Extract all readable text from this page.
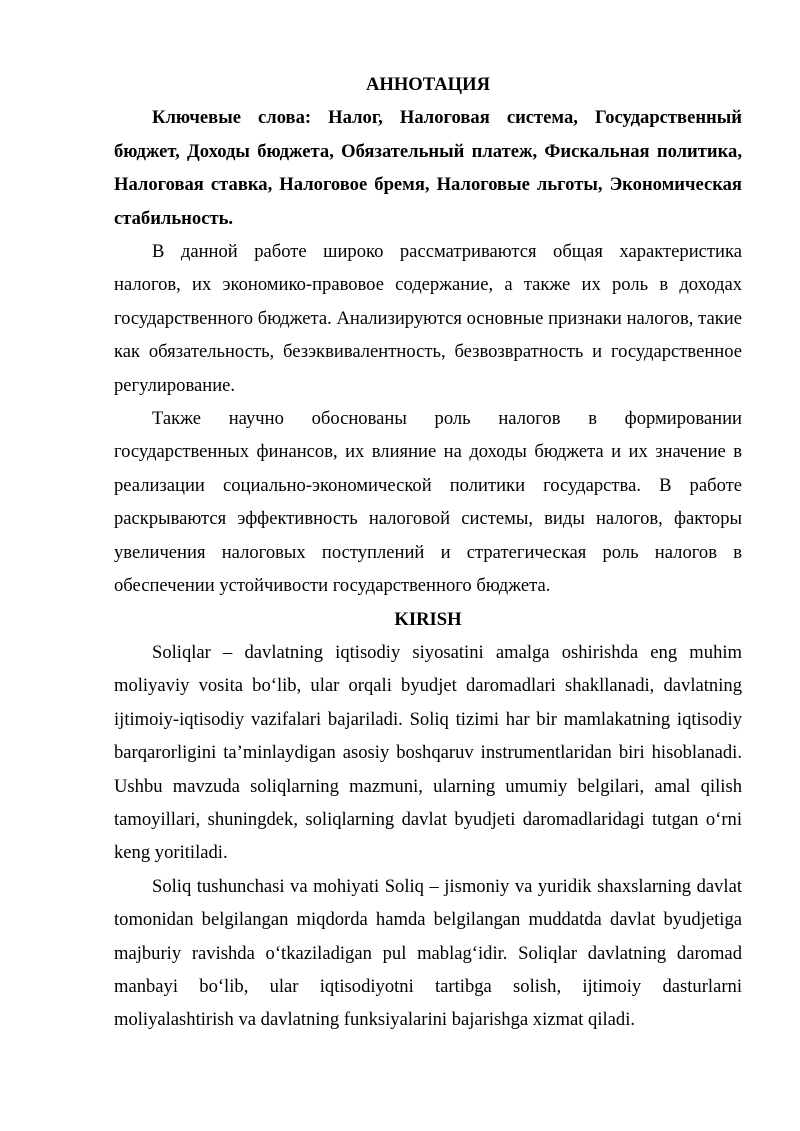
АННОТАЦИЯ

Ключевые слова: Налог, Налоговая система, Государственный бюджет, Доходы бюджета, Обязательный платеж, Фискальная политика, Налоговая ставка, Налоговое бремя, Налоговые льготы, Экономическая стабильность.

В данной работе широко рассматриваются общая характеристика налогов, их экономико-правовое содержание, а также их роль в доходах государственного бюджета. Анализируются основные признаки налогов, такие как обязательность, безэквивалентность, безвозвратность и государственное регулирование.

Также научно обоснованы роль налогов в формировании государственных финансов, их влияние на доходы бюджета и их значение в реализации социально-экономической политики государства. В работе раскрываются эффективность налоговой системы, виды налогов, факторы увеличения налоговых поступлений и стратегическая роль налогов в обеспечении устойчивости государственного бюджета.

KIRISH

Soliqlar – davlatning iqtisodiy siyosatini amalga oshirishda eng muhim moliyaviy vosita bo‘lib, ular orqali byudjet daromadlari shakllanadi, davlatning ijtimoiy-iqtisodiy vazifalari bajariladi. Soliq tizimi har bir mamlakatning iqtisodiy barqarorligini ta’minlaydigan asosiy boshqaruv instrumentlaridan biri hisoblanadi. Ushbu mavzuda soliqlarning mazmuni, ularning umumiy belgilari, amal qilish tamoyillari, shuningdek, soliqlarning davlat byudjeti daromadlaridagi tutgan o‘rni keng yoritiladi.

Soliq tushunchasi va mohiyati Soliq – jismoniy va yuridik shaxslarning davlat tomonidan belgilangan miqdorda hamda belgilangan muddatda davlat byudjetiga majburiy ravishda o‘tkaziladigan pul mablag‘idir. Soliqlar davlatning daromad manbayi bo‘lib, ular iqtisodiyotni tartibga solish, ijtimoiy dasturlarni moliyalashtirish va davlatning funksiyalarini bajarishga xizmat qiladi.
